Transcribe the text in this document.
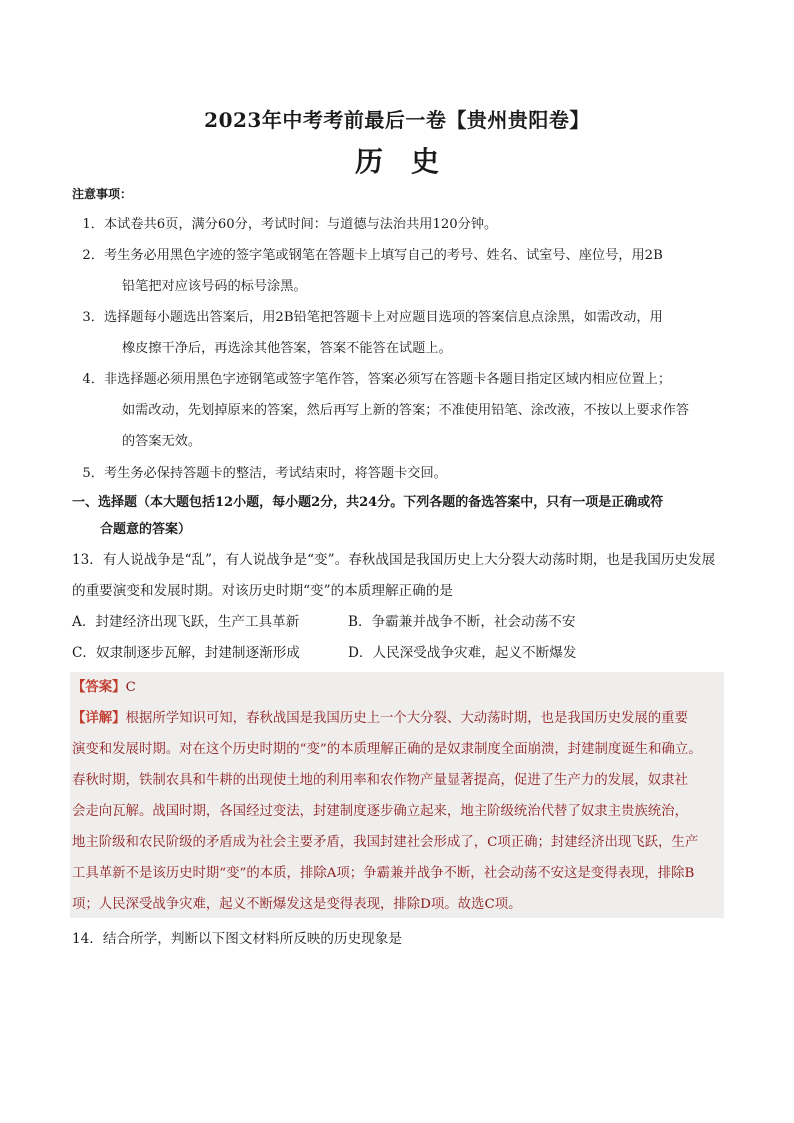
2023年中考考前最后一卷【贵州贵阳卷】
历史
注意事项：
1．本试卷共6页，满分60分，考试时间：与道德与法治共用120分钟。
2．考生务必用黑色字迹的签字笔或钢笔在答题卡上填写自己的考号、姓名、试室号、座位号，用2B
铅笔把对应该号码的标号涂黑。
3．选择题每小题选出答案后，用2B铅笔把答题卡上对应题目选项的答案信息点涂黑，如需改动，用
橡皮擦干净后，再选涂其他答案，答案不能答在试题上。
4．非选择题必须用黑色字迹钢笔或签字笔作答，答案必须写在答题卡各题目指定区域内相应位置上；
如需改动，先划掉原来的答案，然后再写上新的答案；不准使用铅笔、涂改液，不按以上要求作答
的答案无效。
5．考生务必保持答题卡的整洁，考试结束时，将答题卡交回。
一、选择题（本大题包括12小题，每小题2分，共24分。下列各题的备选答案中，只有一项是正确或符
合题意的答案）
13．有人说战争是“乱”，有人说战争是“变”。春秋战国是我国历史上大分裂大动荡时期，也是我国历史发展
的重要演变和发展时期。对该历史时期“变”的本质理解正确的是
A．封建经济出现飞跃，生产工具革新	B．争霸兼并战争不断，社会动荡不安
C．奴隶制逐步瓦解，封建制逐渐形成	D．人民深受战争灾难，起义不断爆发
【答案】C
【详解】根据所学知识可知，春秋战国是我国历史上一个大分裂、大动荡时期，也是我国历史发展的重要
演变和发展时期。对在这个历史时期的“变”的本质理解正确的是奴隶制度全面崩溃，封建制度诞生和确立。
春秋时期，铁制农具和牛耕的出现使土地的利用率和农作物产量显著提高，促进了生产力的发展，奴隶社
会走向瓦解。战国时期，各国经过变法，封建制度逐步确立起来，地主阶级统治代替了奴隶主贵族统治，
地主阶级和农民阶级的矛盾成为社会主要矛盾，我国封建社会形成了，C项正确；封建经济出现飞跃，生产
工具革新不是该历史时期“变”的本质，排除A项；争霸兼并战争不断，社会动荡不安这是变得表现，排除B
项；人民深受战争灾难，起义不断爆发这是变得表现，排除D项。故选C项。
14．结合所学，判断以下图文材料所反映的历史现象是
